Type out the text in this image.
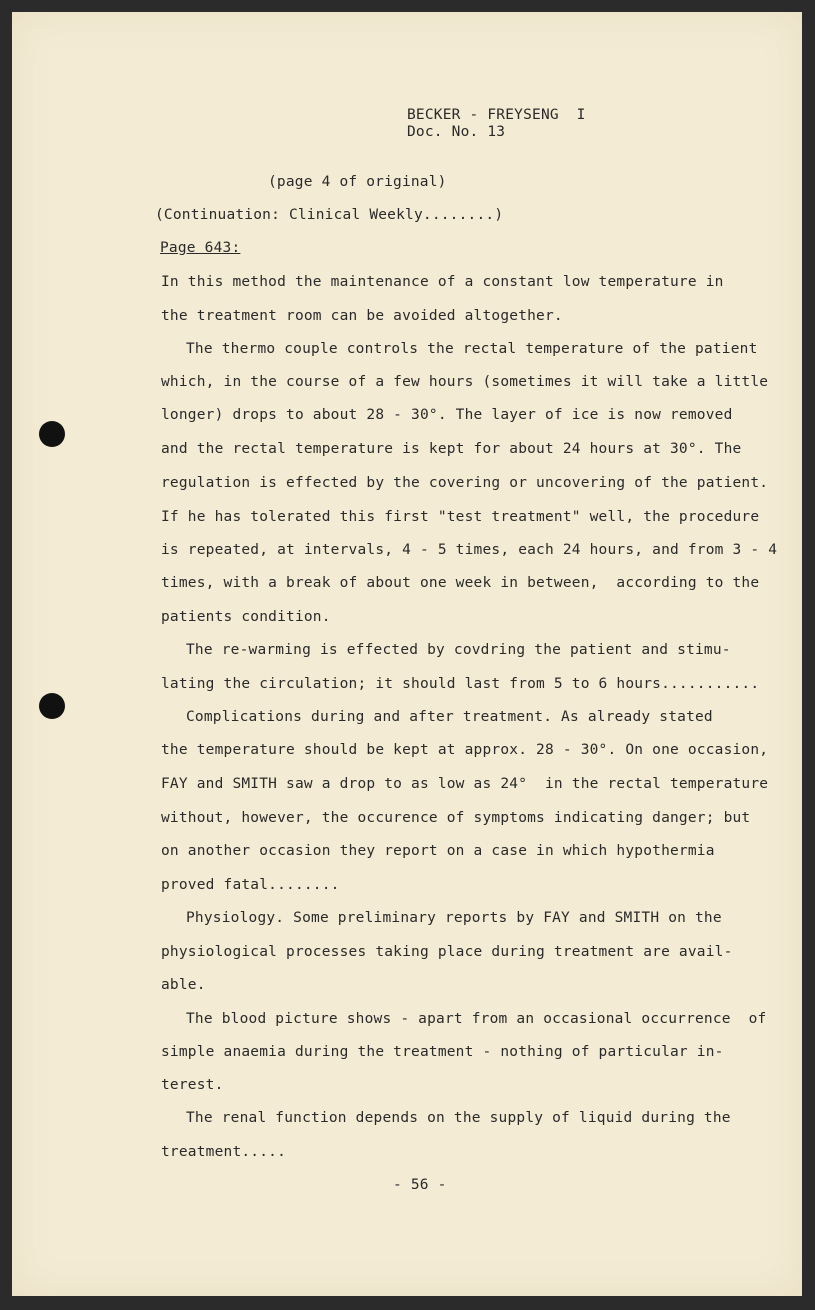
BECKER - FREYSENG  I
Doc. No. 13
(page 4 of original)
(Continuation: Clinical Weekly........)
Page 643:
In this method the maintenance of a constant low temperature in
the treatment room can be avoided altogether.
The thermo couple controls the rectal temperature of the patient
which, in the course of a few hours (sometimes it will take a little
longer) drops to about 28 - 30°. The layer of ice is now removed
and the rectal temperature is kept for about 24 hours at 30°. The
regulation is effected by the covering or uncovering of the patient.
If he has tolerated this first "test treatment" well, the procedure
is repeated, at intervals, 4 - 5 times, each 24 hours, and from 3 - 4
times, with a break of about one week in between,  according to the
patients condition.
The re-warming is effected by covdring the patient and stimu-
lating the circulation; it should last from 5 to 6 hours...........
Complications during and after treatment. As already stated
the temperature should be kept at approx. 28 - 30°. On one occasion,
FAY and SMITH saw a drop to as low as 24°  in the rectal temperature
without, however, the occurence of symptoms indicating danger; but
on another occasion they report on a case in which hypothermia
proved fatal........
Physiology. Some preliminary reports by FAY and SMITH on the
physiological processes taking place during treatment are avail-
able.
The blood picture shows - apart from an occasional occurrence  of
simple anaemia during the treatment - nothing of particular in-
terest.
The renal function depends on the supply of liquid during the
treatment.....
- 56 -
